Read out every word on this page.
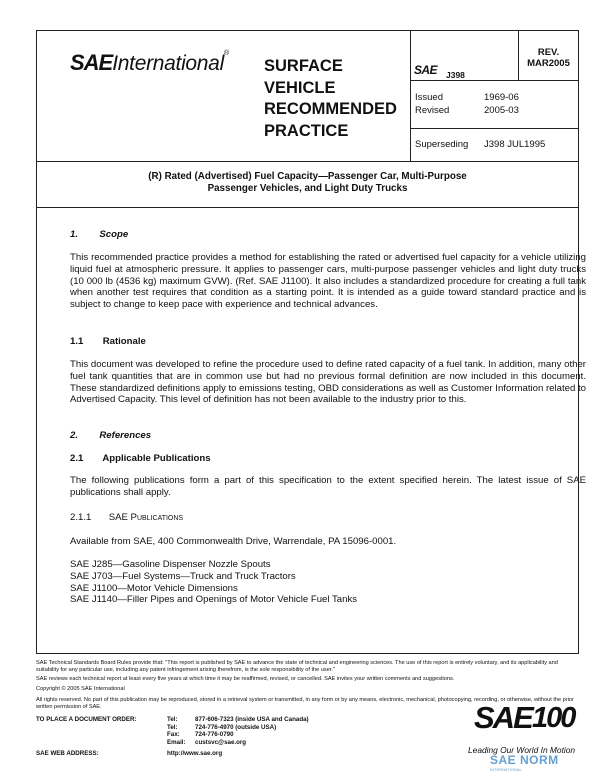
SAEInternational®
SURFACE
VEHICLE
RECOMMENDED
PRACTICE
SAE J398
REV.
MAR2005
Issued	1969-06
Revised	2005-03
Superseding J398 JUL1995
(R) Rated (Advertised) Fuel Capacity—Passenger Car, Multi-Purpose
Passenger Vehicles, and Light Duty Trucks
1. Scope
This recommended practice provides a method for establishing the rated or advertised fuel capacity for a vehicle utilizing liquid fuel at atmospheric pressure. It applies to passenger cars, multi-purpose passenger vehicles and light duty trucks (10 000 lb (4536 kg) maximum GVW). (Ref. SAE J1100). It also includes a standardized procedure for creating a full tank when another test requires that condition as a starting point. It is intended as a guide toward standard practice and is subject to change to keep pace with experience and technical advances.
1.1 Rationale
This document was developed to refine the procedure used to define rated capacity of a fuel tank. In addition, many other fuel tank quantities that are in common use but had no previous formal definition are now included in this document. These standardized definitions apply to emissions testing, OBD considerations as well as Customer Information related to Advertised Capacity. This level of definition has not been available to the industry prior to this.
2. References
2.1 Applicable Publications
The following publications form a part of this specification to the extent specified herein. The latest issue of SAE publications shall apply.
2.1.1 SAE Publications
Available from SAE, 400 Commonwealth Drive, Warrendale, PA 15096-0001.
SAE J285—Gasoline Dispenser Nozzle Spouts
SAE J703—Fuel Systems—Truck and Truck Tractors
SAE J1100—Motor Vehicle Dimensions
SAE J1140—Filler Pipes and Openings of Motor Vehicle Fuel Tanks
SAE Technical Standards Board Rules provide that: "This report is published by SAE to advance the state of technical and engineering sciences. The use of this report is entirely voluntary, and its applicability and suitability for any particular use, including any patent infringement arising therefrom, is the sole responsibility of the user."
SAE reviews each technical report at least every five years at which time it may be reaffirmed, revised, or cancelled. SAE invites your written comments and suggestions.
Copyright © 2005 SAE International
All rights reserved. No part of this publication may be reproduced, stored in a retrieval system or transmitted, in any form or by any means, electronic, mechanical, photocopying, recording, or otherwise, without the prior written permission of SAE.
TO PLACE A DOCUMENT ORDER:	Tel:	877-606-7323 (inside USA and Canada)
Tel:	724-776-4970 (outside USA)
Fax: 724-776-0790
Email: custsvc@sae.org
SAE WEB ADDRESS:	http://www.sae.org
SAE 100
Leading Our World In Motion
SAE NORM
INTERNATIONAL
